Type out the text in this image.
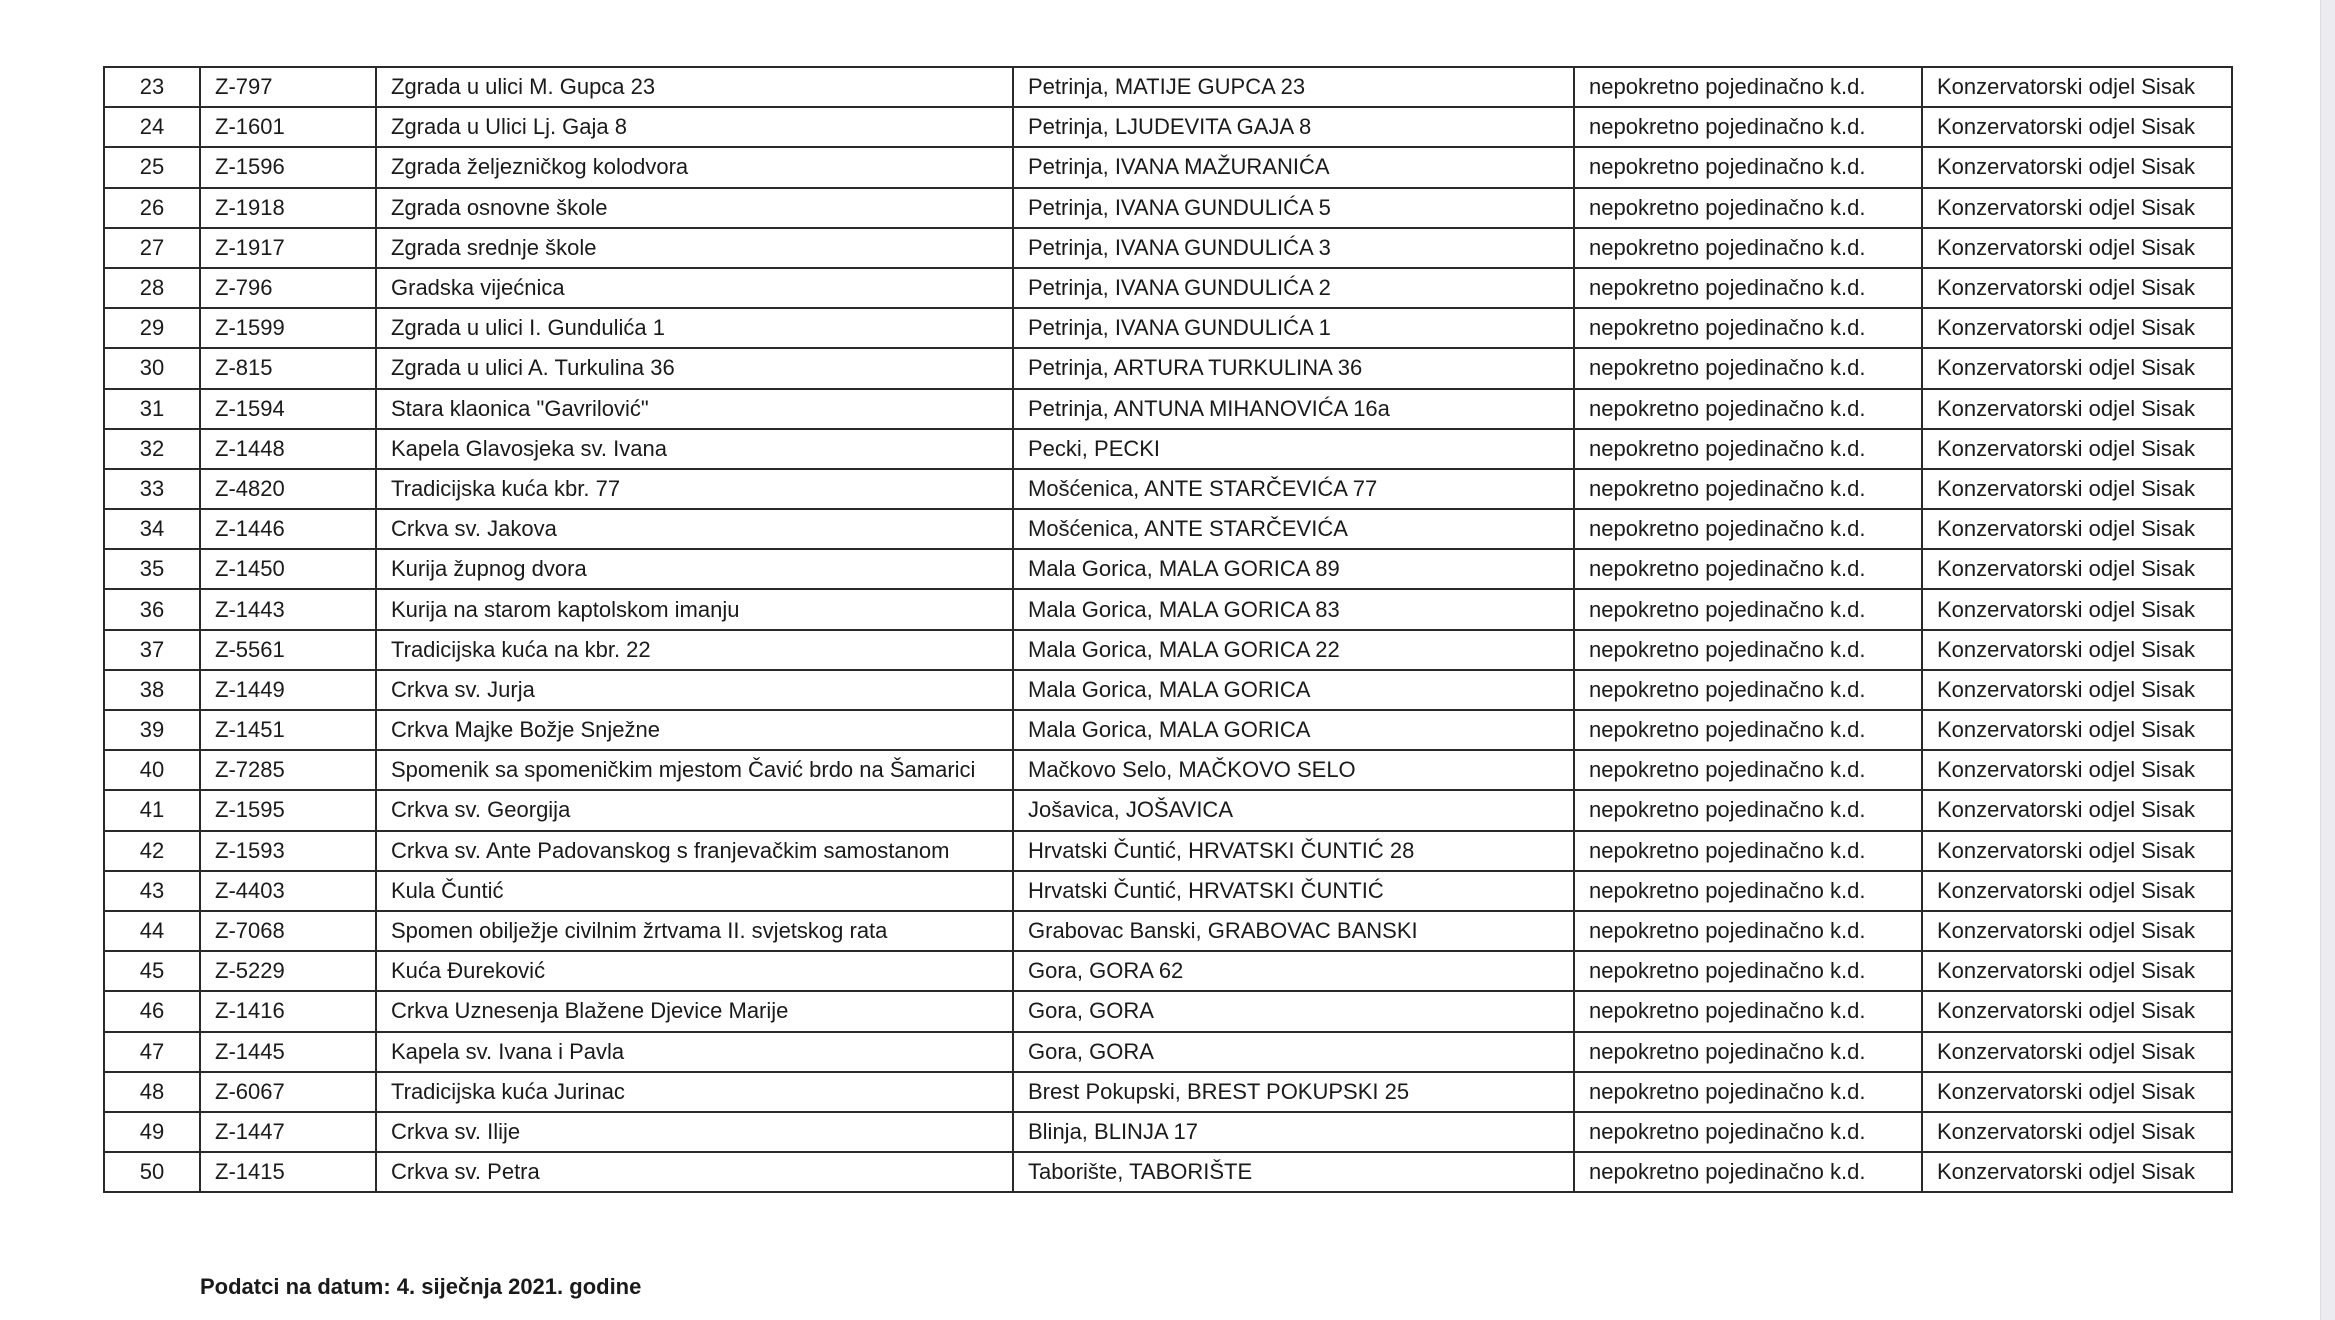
23	Z-797	Zgrada u ulici M. Gupca 23	Petrinja, MATIJE GUPCA 23	nepokretno pojedinačno k.d.	Konzervatorski odjel Sisak
24	Z-1601	Zgrada u Ulici Lj. Gaja 8	Petrinja, LJUDEVITA GAJA 8	nepokretno pojedinačno k.d.	Konzervatorski odjel Sisak
25	Z-1596	Zgrada željezničkog kolodvora	Petrinja, IVANA MAŽURANIĆA	nepokretno pojedinačno k.d.	Konzervatorski odjel Sisak
26	Z-1918	Zgrada osnovne škole	Petrinja, IVANA GUNDULIĆA 5	nepokretno pojedinačno k.d.	Konzervatorski odjel Sisak
27	Z-1917	Zgrada srednje škole	Petrinja, IVANA GUNDULIĆA 3	nepokretno pojedinačno k.d.	Konzervatorski odjel Sisak
28	Z-796	Gradska vijećnica	Petrinja, IVANA GUNDULIĆA 2	nepokretno pojedinačno k.d.	Konzervatorski odjel Sisak
29	Z-1599	Zgrada u ulici I. Gundulića 1	Petrinja, IVANA GUNDULIĆA 1	nepokretno pojedinačno k.d.	Konzervatorski odjel Sisak
30	Z-815	Zgrada u ulici A. Turkulina 36	Petrinja, ARTURA TURKULINA 36	nepokretno pojedinačno k.d.	Konzervatorski odjel Sisak
31	Z-1594	Stara klaonica "Gavrilović"	Petrinja, ANTUNA MIHANOVIĆA 16a	nepokretno pojedinačno k.d.	Konzervatorski odjel Sisak
32	Z-1448	Kapela Glavosjeka sv. Ivana	Pecki, PECKI	nepokretno pojedinačno k.d.	Konzervatorski odjel Sisak
33	Z-4820	Tradicijska kuća kbr. 77	Mošćenica, ANTE STARČEVIĆA 77	nepokretno pojedinačno k.d.	Konzervatorski odjel Sisak
34	Z-1446	Crkva sv. Jakova	Mošćenica, ANTE STARČEVIĆA	nepokretno pojedinačno k.d.	Konzervatorski odjel Sisak
35	Z-1450	Kurija župnog dvora	Mala Gorica, MALA GORICA 89	nepokretno pojedinačno k.d.	Konzervatorski odjel Sisak
36	Z-1443	Kurija na starom kaptolskom imanju	Mala Gorica, MALA GORICA 83	nepokretno pojedinačno k.d.	Konzervatorski odjel Sisak
37	Z-5561	Tradicijska kuća na kbr. 22	Mala Gorica, MALA GORICA 22	nepokretno pojedinačno k.d.	Konzervatorski odjel Sisak
38	Z-1449	Crkva sv. Jurja	Mala Gorica, MALA GORICA	nepokretno pojedinačno k.d.	Konzervatorski odjel Sisak
39	Z-1451	Crkva Majke Božje Snježne	Mala Gorica, MALA GORICA	nepokretno pojedinačno k.d.	Konzervatorski odjel Sisak
40	Z-7285	Spomenik sa spomeničkim mjestom Čavić brdo na Šamarici	Mačkovo Selo, MAČKOVO SELO	nepokretno pojedinačno k.d.	Konzervatorski odjel Sisak
41	Z-1595	Crkva sv. Georgija	Jošavica, JOŠAVICA	nepokretno pojedinačno k.d.	Konzervatorski odjel Sisak
42	Z-1593	Crkva sv. Ante Padovanskog s franjevačkim samostanom	Hrvatski Čuntić, HRVATSKI ČUNTIĆ 28	nepokretno pojedinačno k.d.	Konzervatorski odjel Sisak
43	Z-4403	Kula Čuntić	Hrvatski Čuntić, HRVATSKI ČUNTIĆ	nepokretno pojedinačno k.d.	Konzervatorski odjel Sisak
44	Z-7068	Spomen obilježje civilnim žrtvama II. svjetskog rata	Grabovac Banski, GRABOVAC BANSKI	nepokretno pojedinačno k.d.	Konzervatorski odjel Sisak
45	Z-5229	Kuća Đureković	Gora, GORA 62	nepokretno pojedinačno k.d.	Konzervatorski odjel Sisak
46	Z-1416	Crkva Uznesenja Blažene Djevice Marije	Gora, GORA	nepokretno pojedinačno k.d.	Konzervatorski odjel Sisak
47	Z-1445	Kapela sv. Ivana i Pavla	Gora, GORA	nepokretno pojedinačno k.d.	Konzervatorski odjel Sisak
48	Z-6067	Tradicijska kuća Jurinac	Brest Pokupski, BREST POKUPSKI 25	nepokretno pojedinačno k.d.	Konzervatorski odjel Sisak
49	Z-1447	Crkva sv. Ilije	Blinja, BLINJA 17	nepokretno pojedinačno k.d.	Konzervatorski odjel Sisak
50	Z-1415	Crkva sv. Petra	Taborište, TABORIŠTE	nepokretno pojedinačno k.d.	Konzervatorski odjel Sisak
Podatci na datum: 4. siječnja 2021. godine
